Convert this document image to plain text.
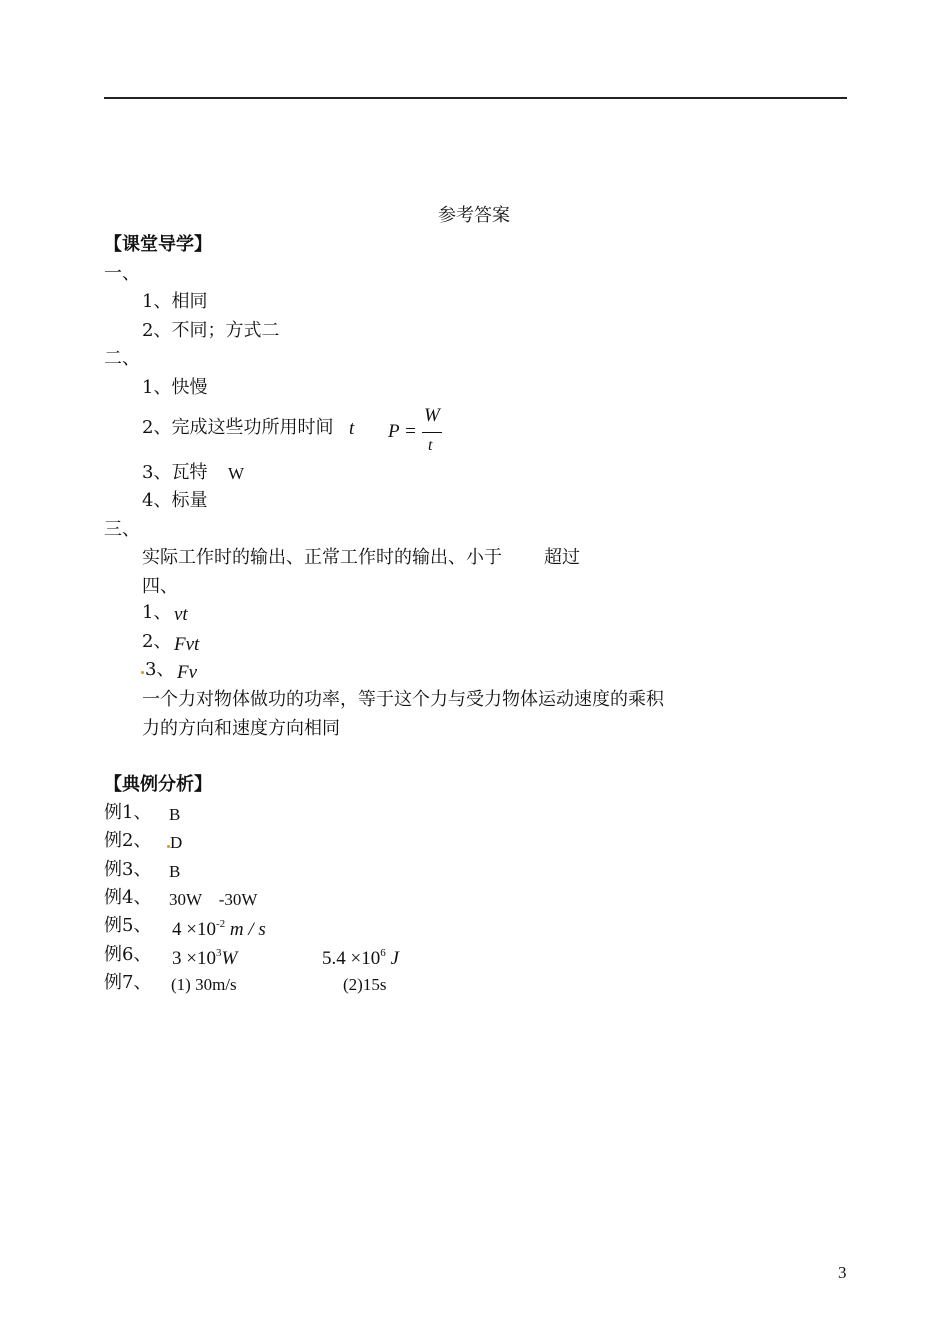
参考答案
【课堂导学】
一、
1、相同
2、不同；方式二
二、
1、快慢
2、完成这些功所用时间 t P =
W
t
3、瓦特 W
4、标量
三、
实际工作时的输出、正常工作时的输出、小于 超过
四、
1、 vt
2、 Fvt
3、 Fv
一个力对物体做功的功率，等于这个力与受力物体运动速度的乘积
力的方向和速度方向相同
【典例分析】
例1、 B
例2、 D
例3、 B
例4、 30W　-30W
例5、 $4 \times 10^{-2}$ m / s
例6、 $3 \times 10^3W$	$5.4 \times 10^6$ J
例7、 (1) 30m/s	(2)15s
3
